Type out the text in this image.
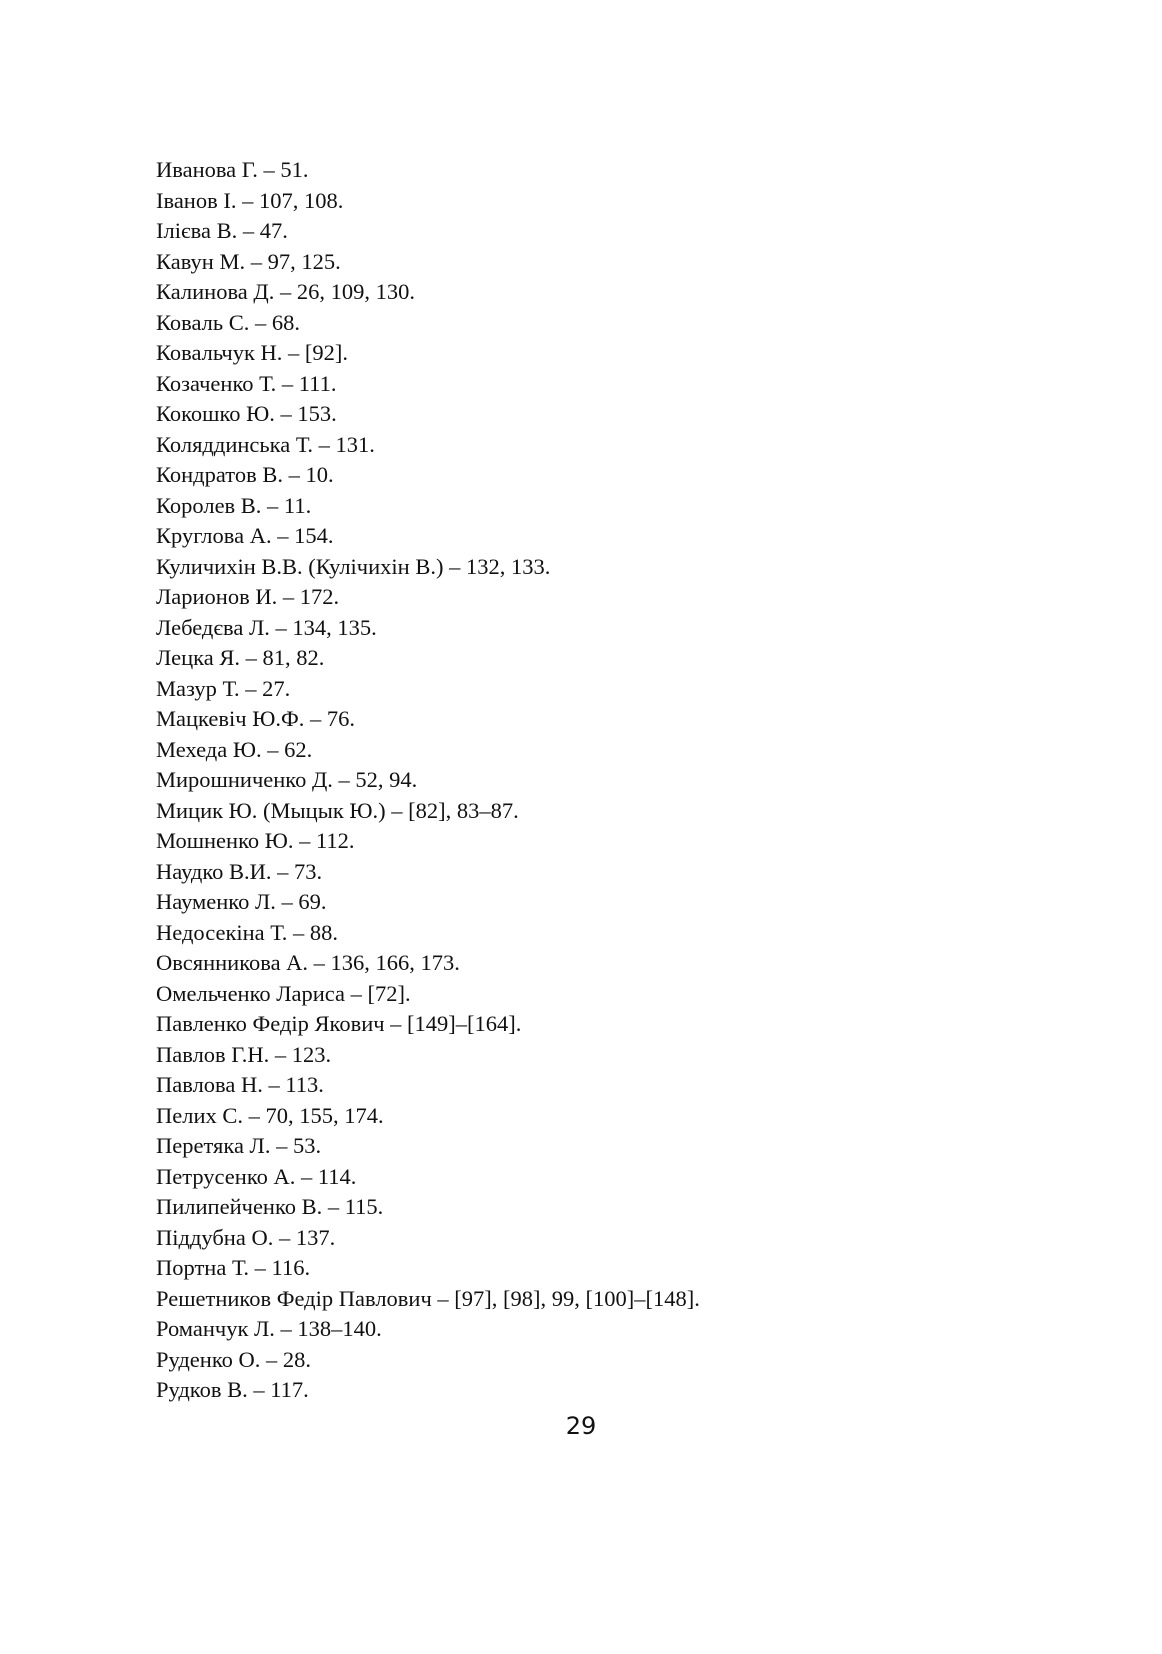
Иванова Г. – 51.
Іванов І. – 107, 108.
Ілієва В. – 47.
Кавун М. – 97, 125.
Калинова Д. – 26, 109, 130.
Коваль С. – 68.
Ковальчук Н. – [92].
Козаченко Т. – 111.
Кокошко Ю. – 153.
Коляддинська Т. – 131.
Кондратов В. – 10.
Королев В. – 11.
Круглова А. – 154.
Куличихін В.В. (Кулічихін В.) – 132, 133.
Ларионов И. – 172.
Лебедєва Л. – 134, 135.
Лецка Я. – 81, 82.
Мазур Т. – 27.
Мацкевіч Ю.Ф. – 76.
Мехеда Ю. – 62.
Мирошниченко Д. – 52, 94.
Мицик Ю. (Мыцык Ю.) – [82], 83–87.
Мошненко Ю. – 112.
Наудко В.И. – 73.
Науменко Л. – 69.
Недосекіна Т. – 88.
Овсянникова А. – 136, 166, 173.
Омельченко Лариса – [72].
Павленко Федір Якович – [149]–[164].
Павлов Г.Н. – 123.
Павлова Н. – 113.
Пелих С. – 70, 155, 174.
Перетяка Л. – 53.
Петрусенко А. – 114.
Пилипейченко В. – 115.
Піддубна О. – 137.
Портна Т. – 116.
Решетников Федір Павлович – [97], [98], 99, [100]–[148].
Романчук Л. – 138–140.
Руденко О. – 28.
Рудков В. – 117.
29
